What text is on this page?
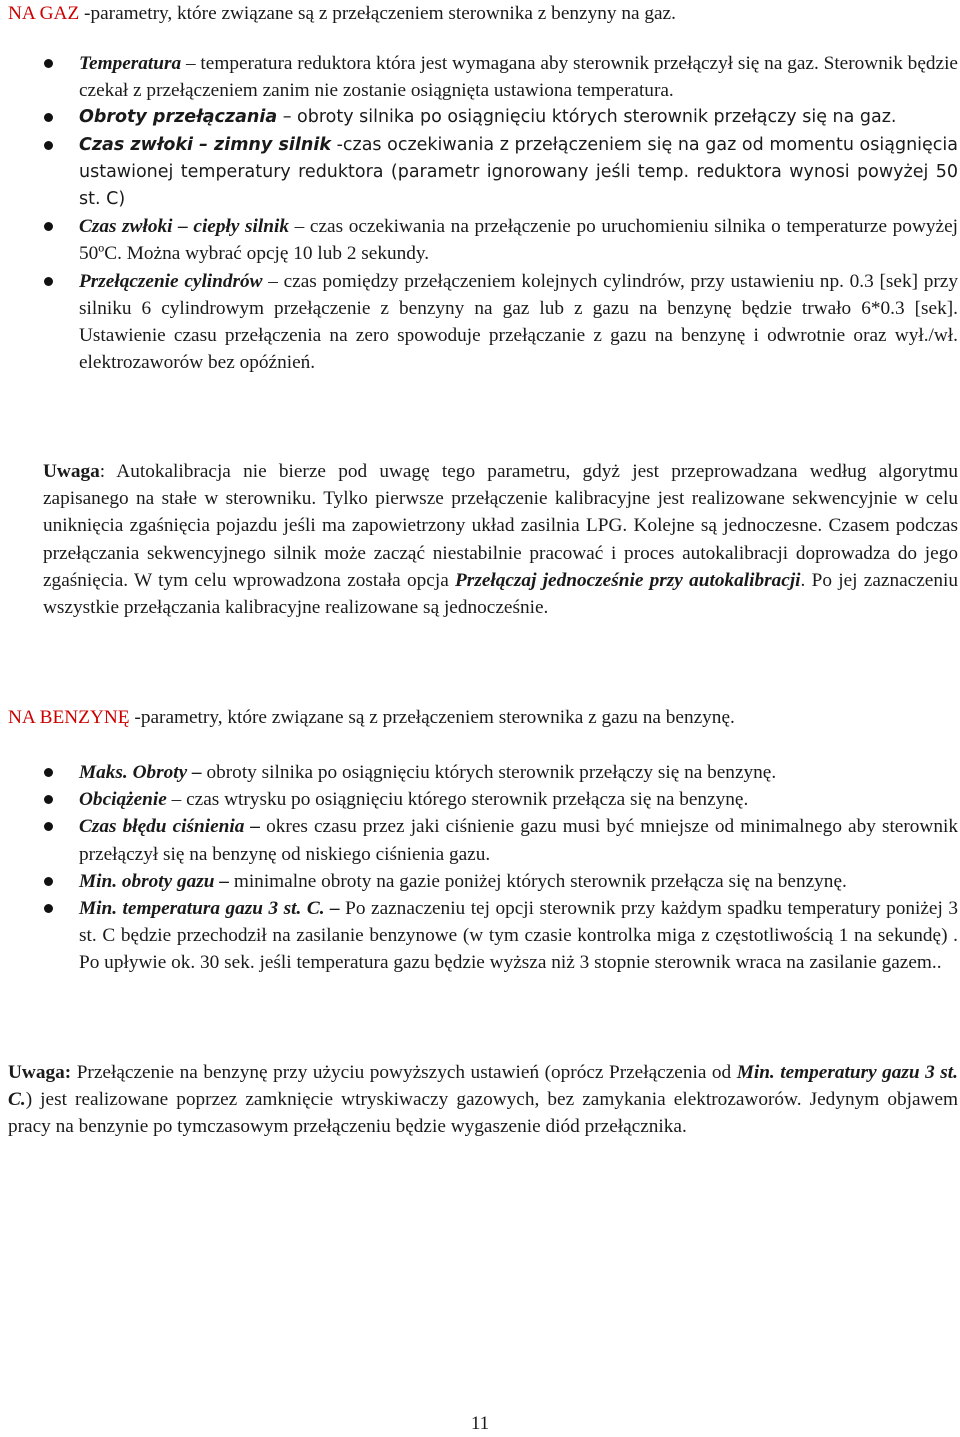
NA GAZ -parametry, które związane są z przełączeniem sterownika z benzyny na gaz.

Temperatura – temperatura reduktora która jest wymagana aby sterownik przełączył się na gaz. Sterownik będzie czekał z przełączeniem zanim nie zostanie osiągnięta ustawiona temperatura.
Obroty przełączania – obroty silnika po osiągnięciu których sterownik przełączy się na gaz.
Czas zwłoki – zimny silnik -czas oczekiwania z przełączeniem się na gaz od momentu osiągnięcia ustawionej temperatury reduktora (parametr ignorowany jeśli temp. reduktora wynosi powyżej 50 st. C)
Czas zwłoki – ciepły silnik – czas oczekiwania na przełączenie po uruchomieniu silnika o temperaturze powyżej 50ºC. Można wybrać opcję 10 lub 2 sekundy.
Przełączenie cylindrów – czas pomiędzy przełączeniem kolejnych cylindrów, przy ustawieniu np. 0.3 [sek] przy silniku 6 cylindrowym przełączenie z benzyny na gaz lub z gazu na benzynę będzie trwało 6*0.3 [sek]. Ustawienie czasu przełączenia na zero spowoduje przełączanie z gazu na benzynę i odwrotnie oraz wył./wł. elektrozaworów bez opóźnień.

Uwaga: Autokalibracja nie bierze pod uwagę tego parametru, gdyż jest przeprowadzana według algorytmu zapisanego na stałe w sterowniku. Tylko pierwsze przełączenie kalibracyjne jest realizowane sekwencyjnie w celu uniknięcia zgaśnięcia pojazdu jeśli ma zapowietrzony układ zasilnia LPG. Kolejne są jednoczesne. Czasem podczas przełączania sekwencyjnego silnik może zacząć niestabilnie pracować i proces autokalibracji doprowadza do jego zgaśnięcia. W tym celu wprowadzona została opcja Przełączaj jednocześnie przy autokalibracji. Po jej zaznaczeniu wszystkie przełączania kalibracyjne realizowane są jednocześnie.

NA BENZYNĘ -parametry, które związane są z przełączeniem sterownika z gazu na benzynę.

Maks. Obroty – obroty silnika po osiągnięciu których sterownik przełączy się na benzynę.
Obciążenie – czas wtrysku po osiągnięciu którego sterownik przełącza się na benzynę.
Czas błędu ciśnienia – okres czasu przez jaki ciśnienie gazu musi być mniejsze od minimalnego aby sterownik przełączył się na benzynę od niskiego ciśnienia gazu.
Min. obroty gazu – minimalne obroty na gazie poniżej których sterownik przełącza się na benzynę.
Min. temperatura gazu 3 st. C. – Po zaznaczeniu tej opcji sterownik przy każdym spadku temperatury poniżej 3 st. C będzie przechodził na zasilanie benzynowe (w tym czasie kontrolka miga z częstotliwością 1 na sekundę) . Po upływie ok. 30 sek. jeśli temperatura gazu będzie wyższa niż 3 stopnie sterownik wraca na zasilanie gazem..

Uwaga: Przełączenie na benzynę przy użyciu powyższych ustawień (oprócz Przełączenia od Min. temperatury gazu 3 st. C.) jest realizowane poprzez zamknięcie wtryskiwaczy gazowych, bez zamykania elektrozaworów. Jedynym objawem pracy na benzynie po tymczasowym przełączeniu będzie wygaszenie diód przełącznika.

11
